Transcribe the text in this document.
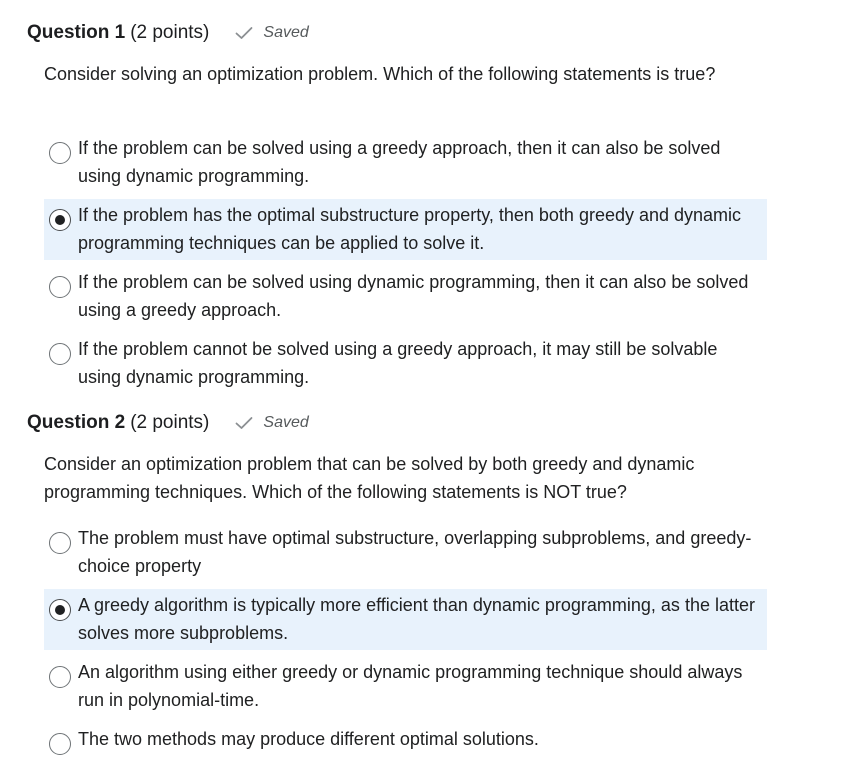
Question 1 (2 points)	Saved
Consider solving an optimization problem. Which of the following statements is true?
If the problem can be solved using a greedy approach, then it can also be solved using dynamic programming.
If the problem has the optimal substructure property, then both greedy and dynamic programming techniques can be applied to solve it.
If the problem can be solved using dynamic programming, then it can also be solved using a greedy approach.
If the problem cannot be solved using a greedy approach, it may still be solvable using dynamic programming.
Question 2 (2 points)	Saved
Consider an optimization problem that can be solved by both greedy and dynamic programming techniques. Which of the following statements is NOT true?
The problem must have optimal substructure, overlapping subproblems, and greedy-choice property
A greedy algorithm is typically more efficient than dynamic programming, as the latter solves more subproblems.
An algorithm using either greedy or dynamic programming technique should always run in polynomial-time.
The two methods may produce different optimal solutions.
